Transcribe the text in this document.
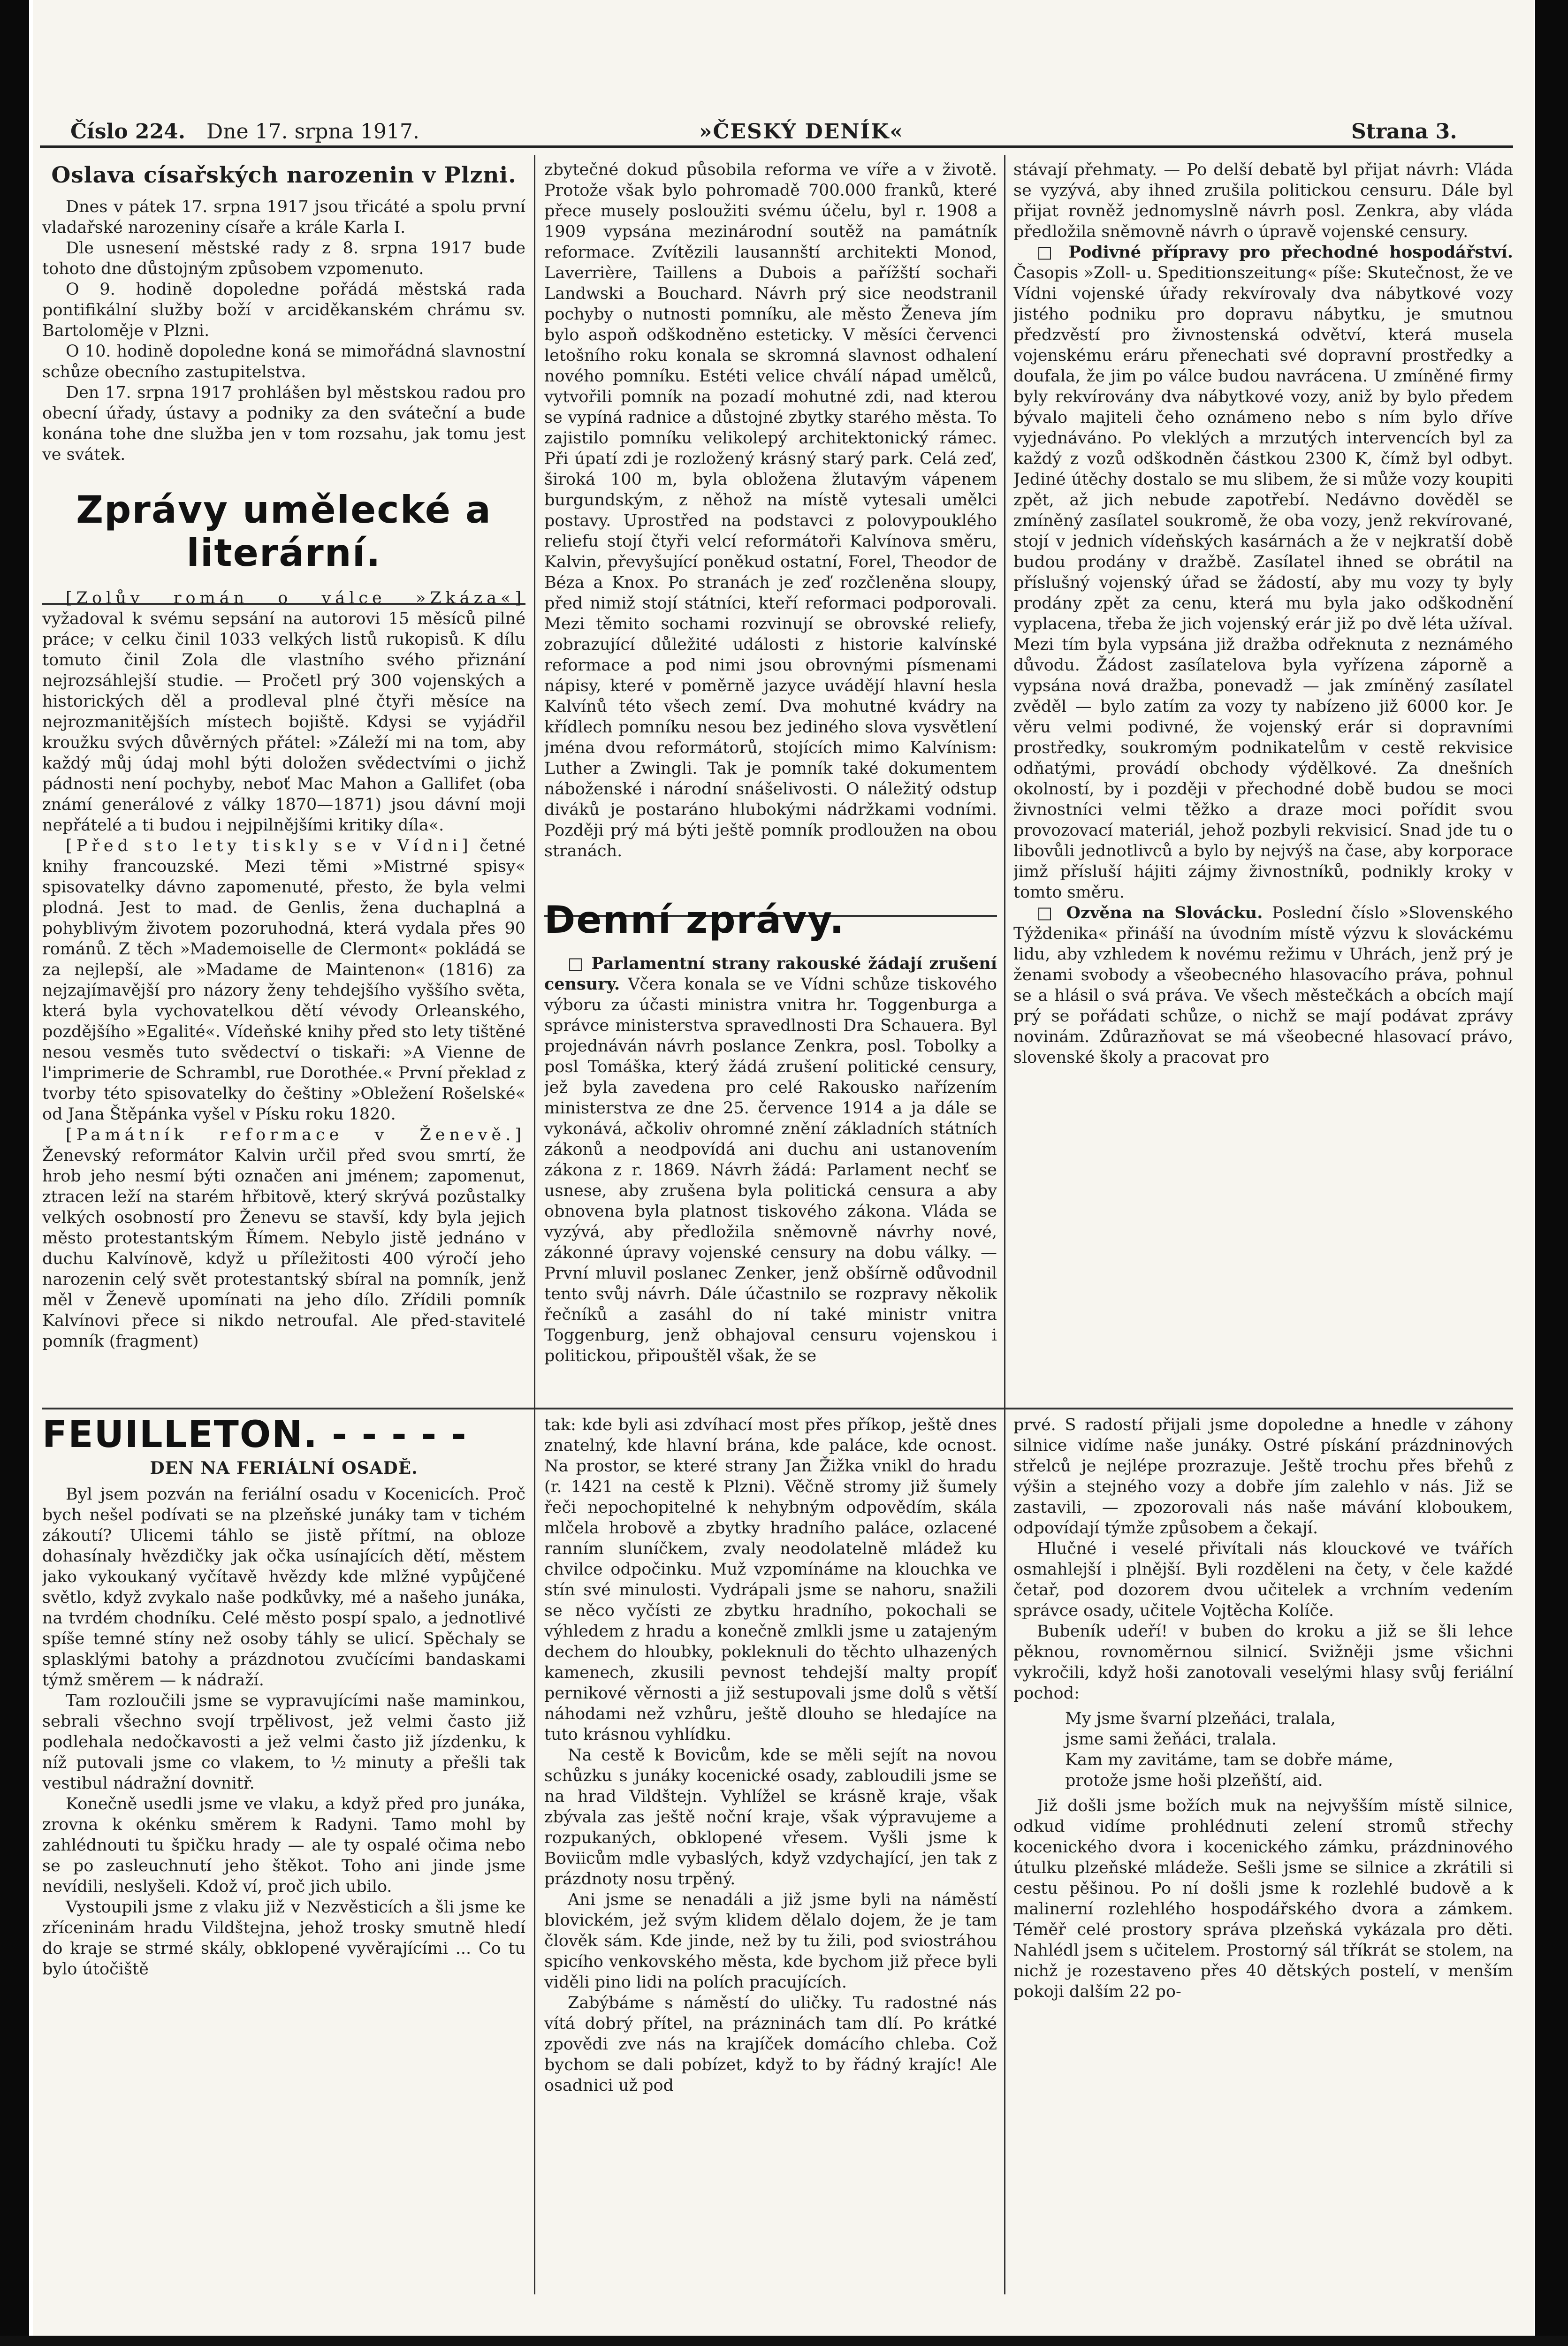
Číslo 224. Dne 17. srpna 1917.	»ČESKÝ DENÍK«	Strana 3.
Oslava císařských narozenin v Plzni.

Dnes v pátek 17. srpna 1917 jsou třicáté a spolu první vladařské narozeniny císaře a krále Karla I.

Dle usnesení městské rady z 8. srpna 1917 bude tohoto dne důstojným způsobem vzpomenuto.

O 9. hodině dopoledne pořádá městská rada pontifikální služby boží v arciděkanském chrámu sv. Bartoloměje v Plzni.

O 10. hodině dopoledne koná se mimořádná slavnostní schůze obecního zastupitelstva.

Den 17. srpna 1917 prohlášen byl městskou radou pro obecní úřady, ústavy a podniky za den sváteční a bude konána tohe dne služba jen v tom rozsahu, jak tomu jest ve svátek.

Zprávy umělecké a literární.

[Zolův román o válce »Zkáza«] vyžadoval k svému sepsání na autorovi 15 měsíců pilné práce; v celku činil 1033 velkých listů rukopisů. K dílu tomuto činil Zola dle vlastního svého přiznání nejrozsáhlejší studie. — Pročetl prý 300 vojenských a historických děl a prodleval plné čtyři měsíce na nejrozmanitějších místech bojiště. Kdysi se vyjádřil kroužku svých důvěrných přátel: »Záleží mi na tom, aby každý můj údaj mohl býti doložen svědectvími o jichž pádnosti není pochyby, neboť Mac Mahon a Gallifet (oba známí generálové z války 1870—1871) jsou dávní moji nepřátelé a ti budou i nejpilnějšími kritiky díla«.

[Před sto lety tiskly se v Vídni] četné knihy francouzské. Mezi těmi »Mistrné spisy« spisovatelky dávno zapomenuté, přesto, že byla velmi plodná. Jest to mad. de Genlis, žena duchaplná a pohyblivým životem pozoruhodná, která vydala přes 90 románů. Z těch »Mademoiselle de Clermont« pokládá se za nejlepší, ale »Madame de Maintenon« (1816) za nejzajímavější pro názory ženy tehdejšího vyššího světa, která byla vychovatelkou dětí vévody Orleanského, pozdějšího »Egalité«. Vídeňské knihy před sto lety tištěné nesou vesměs tuto svědectví o tiskaři: »A Vienne de l'imprimerie de Schrambl, rue Dorothée.« První překlad z tvorby této spisovatelky do češtiny »Obležení Rošelské« od Jana Štěpánka vyšel v Písku roku 1820.

[Památník reformace v Ženevě.] Ženevský reformátor Kalvin určil před svou smrtí, že hrob jeho nesmí býti označen ani jménem; zapomenut, ztracen leží na starém hřbitově, který skrývá pozůstalky velkých osobností pro Ženevu se stavší, kdy byla jejich město protestantským Římem. Nebylo jistě jednáno v duchu Kalvínově, když u příležitosti 400 výročí jeho narozenin celý svět protestantský sbíral na pomník, jenž měl v Ženevě upomínati na jeho dílo. Zřídili pomník Kalvínovi přece si nikdo netroufal. Ale před-stavitelé pomník (fragment)

zbytečné dokud působila reforma ve víře a v životě. Protože však bylo pohromadě 700.000 franků, které přece musely posloužiti svému účelu, byl r. 1908 a 1909 vypsána mezinárodní soutěž na památník reformace. Zvítězili lausannští architekti Monod, Laverrière, Taillens a Dubois a pařížští sochaři Landwski a Bouchard. Návrh prý sice neodstranil pochyby o nutnosti pomníku, ale město Ženeva jím bylo aspoň odškodněno esteticky. V měsíci červenci letošního roku konala se skromná slavnost odhalení nového pomníku. Estéti velice chválí nápad umělců, vytvořili pomník na pozadí mohutné zdi, nad kterou se vypíná radnice a důstojné zbytky starého města. To zajistilo pomníku velikolepý architektonický rámec. Při úpatí zdi je rozložený krásný starý park. Celá zeď, široká 100 m, byla obložena žlutavým vápenem burgundským, z něhož na místě vytesali umělci postavy. Uprostřed na podstavci z polovypouklého reliefu stojí čtyři velcí reformátoři Kalvínova směru, Kalvin, převyšující poněkud ostatní, Forel, Theodor de Béza a Knox. Po stranách je zeď rozčleněna sloupy, před nimiž stojí státníci, kteří reformaci podporovali. Mezi těmito sochami rozvinují se obrovské reliefy, zobrazující důležité události z historie kalvínské reformace a pod nimi jsou obrovnými písmenami nápisy, které v poměrně jazyce uvádějí hlavní hesla Kalvínů této všech zemí. Dva mohutné kvádry na křídlech pomníku nesou bez jediného slova vysvětlení jména dvou reformátorů, stojících mimo Kalvínism: Luther a Zwingli. Tak je pomník také dokumentem náboženské i národní snášelivosti. O náležitý odstup diváků je postaráno hlubokými nádržkami vodními. Později prý má býti ještě pomník prodloužen na obou stranách.

Denní zprávy.

□ Parlamentní strany rakouské žádají zrušení censury. Včera konala se ve Vídni schůze tiskového výboru za účasti ministra vnitra hr. Toggenburga a správce ministerstva spravedlnosti Dra Schauera. Byl projednáván návrh poslance Zenkra, posl. Tobolky a posl Tomáška, který žádá zrušení politické censury, jež byla zavedena pro celé Rakousko nařízením ministerstva ze dne 25. července 1914 a ja dále se vykonává, ačkoliv ohromné znění základních státních zákonů a neodpovídá ani duchu ani ustanovením zákona z r. 1869. Návrh žádá: Parlament nechť se usnese, aby zrušena byla politická censura a aby obnovena byla platnost tiskového zákona. Vláda se vyzývá, aby předložila sněmovně návrhy nové, zákonné úpravy vojenské censury na dobu války. — První mluvil poslanec Zenker, jenž obšírně odůvodnil tento svůj návrh. Dále účastnilo se rozpravy několik řečníků a zasáhl do ní také ministr vnitra Toggenburg, jenž obhajoval censuru vojenskou i politickou, připouštěl však, že se

stávají přehmaty. — Po delší debatě byl přijat návrh: Vláda se vyzývá, aby ihned zrušila politickou censuru. Dále byl přijat rovněž jednomyslně návrh posl. Zenkra, aby vláda předložila sněmovně návrh o úpravě vojenské censury.

□ Podivné přípravy pro přechodné hospodářství. Časopis »Zoll- u. Speditionszeitung« píše: Skutečnost, že ve Vídni vojenské úřady rekvírovaly dva nábytkové vozy jistého podniku pro dopravu nábytku, je smutnou předzvěstí pro živnostenská odvětví, která musela vojenskému eráru přenechati své dopravní prostředky a doufala, že jim po válce budou navrácena. U zmíněné firmy byly rekvírovány dva nábytkové vozy, aniž by bylo předem bývalo majiteli čeho oznámeno nebo s ním bylo dříve vyjednáváno. Po vleklých a mrzutých intervencích byl za každý z vozů odškodněn částkou 2300 K, čímž byl odbyt. Jediné útěchy dostalo se mu slibem, že si může vozy koupiti zpět, až jich nebude zapotřebí. Nedávno dověděl se zmíněný zasílatel soukromě, že oba vozy, jenž rekvírované, stojí v jednich vídeňských kasárnách a že v nejkratší době budou prodány v dražbě. Zasílatel ihned se obrátil na příslušný vojenský úřad se žádostí, aby mu vozy ty byly prodány zpět za cenu, která mu byla jako odškodnění vyplacena, třeba že jich vojenský erár již po dvě léta užíval. Mezi tím byla vypsána již dražba odřeknuta z neznámého důvodu. Žádost zasílatelova byla vyřízena záporně a vypsána nová dražba, ponevadž — jak zmíněný zasílatel zvěděl — bylo zatím za vozy ty nabízeno již 6000 kor. Je věru velmi podivné, že vojenský erár si dopravními prostředky, soukromým podnikatelům v cestě rekvisice odňatými, provádí obchody výdělkové. Za dnešních okolností, by i později v přechodné době budou se moci živnostníci velmi těžko a draze moci pořídit svou provozovací materiál, jehož pozbyli rekvisicí. Snad jde tu o libovůli jednotlivců a bylo by nejvýš na čase, aby korporace jimž přísluší hájiti zájmy živnostníků, podnikly kroky v tomto směru.

□ Ozvěna na Slovácku. Poslední číslo »Slovenského Týždenika« přináší na úvodním místě výzvu k slováckému lidu, aby vzhledem k novému režimu v Uhrách, jenž prý je ženami svobody a všeobecného hlasovacího práva, pohnul se a hlásil o svá práva. Ve všech městečkách a obcích mají prý se pořádati schůze, o nichž se mají podávat zprávy novinám. Zdůrazňovat se má všeobecné hlasovací právo, slovenské školy a pracovat pro

FEUILLETON. - - - - -
DEN NA FERIÁLNÍ OSADĚ.

Byl jsem pozván na feriální osadu v Kocenicích. Proč bych nešel podívati se na plzeňské junáky tam v tichém zákoutí? Ulicemi táhlo se jistě přítmí, na obloze dohasínaly hvězdičky jak očka usínajících dětí, městem jako vykoukaný vyčítavě hvězdy kde mlžné vypůjčené světlo, když zvykalo naše podkůvky, mé a našeho junáka, na tvrdém chodníku. Celé město pospí spalo, a jednotlivé spíše temné stíny než osoby táhly se ulicí. Spěchaly se splasklými batohy a prázdnotou zvučícími bandaskami týmž směrem — k nádraží.

Tam rozloučili jsme se vypravujícími naše maminkou, sebrali všechno svojí trpělivost, jež velmi často již podlehala nedočkavosti a jež velmi často již jízdenku, k níž putovali jsme co vlakem, to ½ minuty a přešli tak vestibul nádražní dovnitř.

Konečně usedli jsme ve vlaku, a když před pro junáka, zrovna k okénku směrem k Radyni. Tamo mohl by zahlédnouti tu špičku hrady — ale ty ospalé očima nebo se po zasleuchnutí jeho štěkot. Toho ani jinde jsme nevídili, neslyšeli. Kdož ví, proč jich ubilo.

Vystoupili jsme z vlaku již v Nezvěsticích a šli jsme ke zříceninám hradu Vildštejna, jehož trosky smutně hledí do kraje se strmé skály, obklopené vyvěrajícími ... Co tu bylo útočiště

tak: kde byli asi zdvíhací most přes příkop, ještě dnes znatelný, kde hlavní brána, kde paláce, kde ocnost. Na prostor, se které strany Jan Žižka vnikl do hradu (r. 1421 na cestě k Plzni). Věčně stromy již šumely řeči nepochopitelné k nehybným odpovědím, skála mlčela hrobově a zbytky hradního paláce, ozlacené ranním sluníčkem, zvaly neodolatelně mládež ku chvilce odpočinku. Muž vzpomínáme na klouchka ve stín své minulosti. Vydrápali jsme se nahoru, snažili se něco vyčísti ze zbytku hradního, pokochali se výhledem z hradu a konečně zmlkli jsme u zatajeným dechem do hloubky, pokleknuli do těchto ulhazených kamenech, zkusili pevnost tehdejší malty propíť pernikové věrnosti a již sestupovali jsme dolů s větší náhodami než vzhůru, ještě dlouho se hledajíce na tuto krásnou vyhlídku.

Na cestě k Bovicům, kde se měli sejít na novou schůzku s junáky kocenické osady, zabloudili jsme se na hrad Vildštejn. Vyhlížel se krásně kraje, však zbývala zas ještě noční kraje, však výpravujeme a rozpukaných, obklopené vřesem. Vyšli jsme k Boviicům mdle vybaslých, když vzdychající, jen tak z prázdnoty nosu trpěný.

Ani jsme se nenadáli a již jsme byli na náměstí blovickém, jež svým klidem dělalo dojem, že je tam člověk sám. Kde jinde, než by tu žili, pod sviostráhou spicího venkovského města, kde bychom již přece byli viděli pino lidi na polích pracujících.

Zabýbáme s náměstí do uličky. Tu radostné nás vítá dobrý přítel, na prázninách tam dlí. Po krátké zpovědi zve nás na krajíček domácího chleba. Což bychom se dali pobízet, když to by řádný krajíc! Ale osadnici už pod

prvé. S radostí přijali jsme dopoledne a hnedle v záhony silnice vidíme naše junáky. Ostré pískání prázdninových střelců je nejlépe prozrazuje. Ještě trochu přes břehů z výšin a stejného vozy a dobře jím zalehlo v nás. Již se zastavili, — zpozorovali nás naše mávání kloboukem, odpovídají týmže způsobem a čekají.

Hlučné i veselé přivítali nás klouckové ve tvářích osmahlejší i plnější. Byli rozděleni na čety, v čele každé četař, pod dozorem dvou učitelek a vrchním vedením správce osady, učitele Vojtěcha Kolíče.

Bubeník udeří! v buben do kroku a již se šli lehce pěknou, rovnoměrnou silnicí. Svižněji jsme všichni vykročili, když hoši zanotovali veselými hlasy svůj feriální pochod:

My jsme švarní plzeňáci, tralala,
jsme sami žeňáci, tralala.
Kam my zavitáme, tam se dobře máme,
protože jsme hoši plzeňští, aid.

Již došli jsme božích muk na nejvyšším místě silnice, odkud vidíme prohlédnuti zelení stromů střechy kocenického dvora i kocenického zámku, prázdninového útulku plzeňské mládeže. Sešli jsme se silnice a zkrátili si cestu pěšinou. Po ní došli jsme k rozlehlé budově a k malinerní rozlehlého hospodářského dvora a zámkem. Téměř celé prostory správa plzeňská vykázala pro děti. Nahlédl jsem s učitelem. Prostorný sál tříkrát se stolem, na nichž je rozestaveno přes 40 dětských postelí, v menším pokoji dalším 22 po-
